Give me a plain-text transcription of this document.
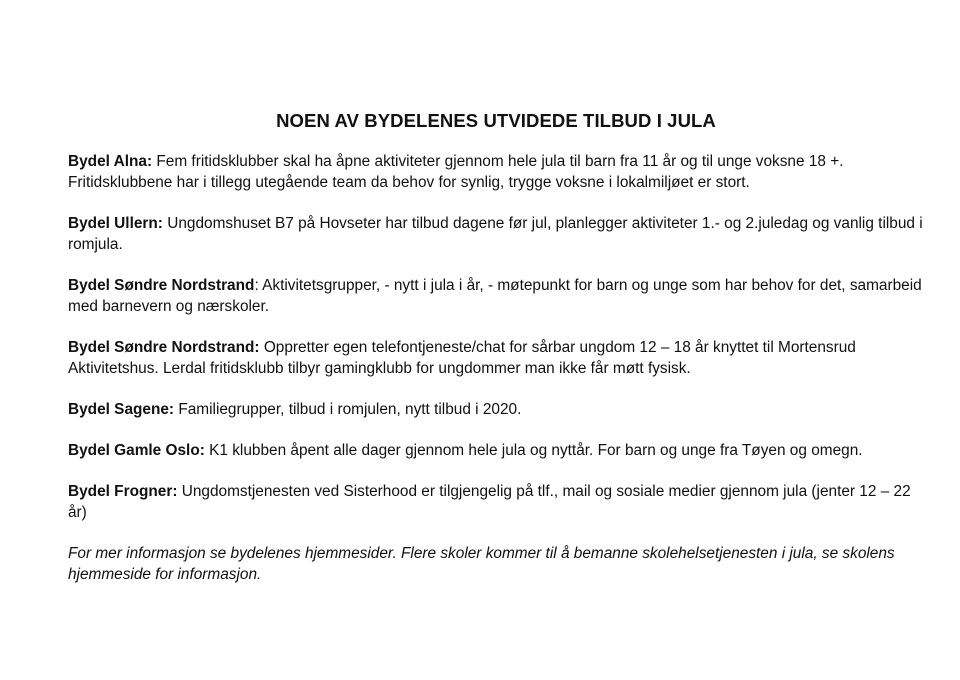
NOEN AV BYDELENES UTVIDEDE TILBUD I JULA

Bydel Alna: Fem fritidsklubber skal ha åpne aktiviteter gjennom hele jula til barn fra 11 år og til unge voksne 18 +. Fritidsklubbene har i tillegg utegående team da behov for synlig, trygge voksne i lokalmiljøet er stort.

Bydel Ullern: Ungdomshuset B7 på Hovseter har tilbud dagene før jul, planlegger aktiviteter 1.- og 2.juledag og vanlig tilbud i romjula.

Bydel Søndre Nordstrand: Aktivitetsgrupper, - nytt i jula i år, - møtepunkt for barn og unge som har behov for det, samarbeid med barnevern og nærskoler.

Bydel Søndre Nordstrand: Oppretter egen telefontjeneste/chat for sårbar ungdom 12 – 18 år knyttet til Mortensrud Aktivitetshus. Lerdal fritidsklubb tilbyr gamingklubb for ungdommer man ikke får møtt fysisk.

Bydel Sagene: Familiegrupper, tilbud i romjulen, nytt tilbud i 2020.

Bydel Gamle Oslo: K1 klubben åpent alle dager gjennom hele jula og nyttår. For barn og unge fra Tøyen og omegn.

Bydel Frogner: Ungdomstjenesten ved Sisterhood er tilgjengelig på tlf., mail og sosiale medier gjennom jula (jenter 12 – 22 år)

For mer informasjon se bydelenes hjemmesider. Flere skoler kommer til å bemanne skolehelsetjenesten i jula, se skolens hjemmeside for informasjon.
